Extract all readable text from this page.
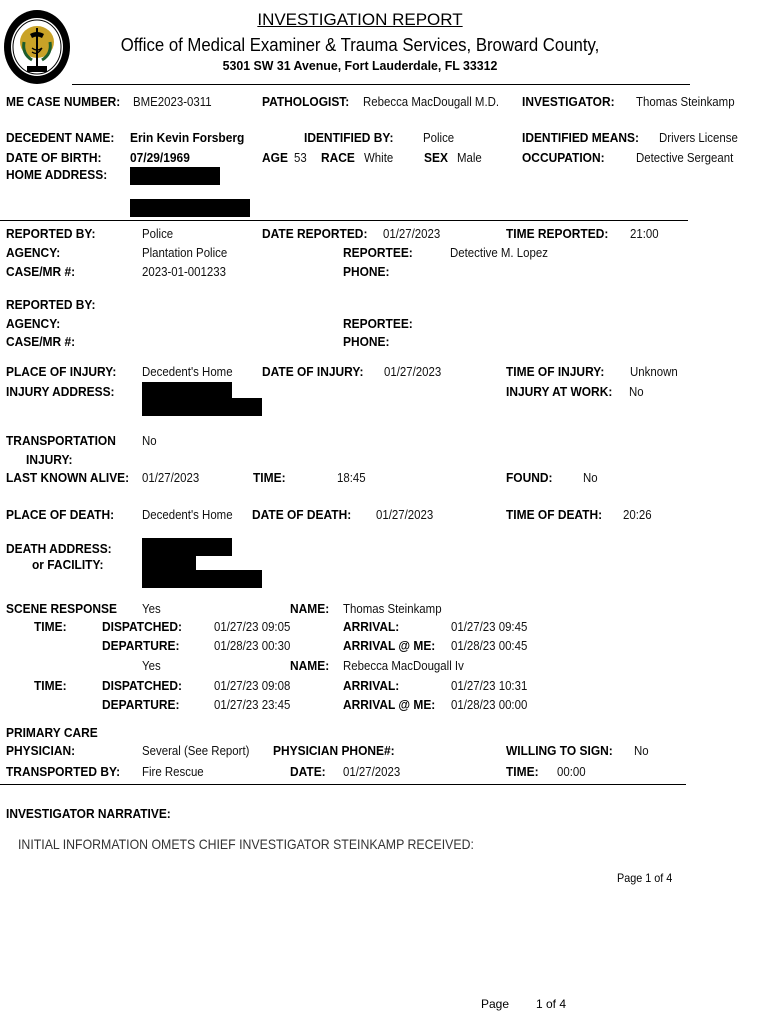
INVESTIGATION REPORT
Office of Medical Examiner & Trauma Services, Broward County,
5301 SW 31 Avenue, Fort Lauderdale, FL 33312
ME CASE NUMBER: BME2023-0311	PATHOLOGIST:	Rebecca MacDougall M.D.	INVESTIGATOR:	Thomas Steinkamp
DECEDENT NAME:	Erin Kevin Forsberg	IDENTIFIED BY:	Police	IDENTIFIED MEANS:	Drivers License
DATE OF BIRTH:	07/29/1969	AGE 53 RACE White	SEX Male	OCCUPATION:	Detective Sergeant
HOME ADDRESS:
REPORTED BY:	Police	DATE REPORTED:	01/27/2023	TIME REPORTED:	21:00
AGENCY:	Plantation Police	REPORTEE:	Detective M. Lopez
CASE/MR #:	2023-01-001233	PHONE:
REPORTED BY:
AGENCY:	REPORTEE:
CASE/MR #:	PHONE:
PLACE OF INJURY:	Decedent's Home	DATE OF INJURY:	01/27/2023	TIME OF INJURY:	Unknown
INJURY ADDRESS:	INJURY AT WORK:	No
TRANSPORTATION	No
INJURY:
LAST KNOWN ALIVE: 01/27/2023	TIME:	18:45	FOUND:	No
PLACE OF DEATH:	Decedent's Home	DATE OF DEATH:	01/27/2023	TIME OF DEATH:	20:26
DEATH ADDRESS:
or FACILITY:
SCENE RESPONSE	Yes	NAME: Thomas Steinkamp
TIME:	DISPATCHED:	01/27/23 09:05	ARRIVAL:	01/27/23 09:45
DEPARTURE:	01/28/23 00:30	ARRIVAL @ ME:	01/28/23 00:45
Yes	NAME: Rebecca MacDougall Iv
TIME:	DISPATCHED:	01/27/23 09:08	ARRIVAL:	01/27/23 10:31
DEPARTURE:	01/27/23 23:45	ARRIVAL @ ME:	01/28/23 00:00
PRIMARY CARE
PHYSICIAN:	Several (See Report)	PHYSICIAN PHONE#:	WILLING TO SIGN:	No
TRANSPORTED BY:	Fire Rescue	DATE: 01/27/2023	TIME: 00:00
INVESTIGATOR NARRATIVE:
INITIAL INFORMATION OMETS CHIEF INVESTIGATOR STEINKAMP RECEIVED:
Page 1 of 4
Page 1 of 4
